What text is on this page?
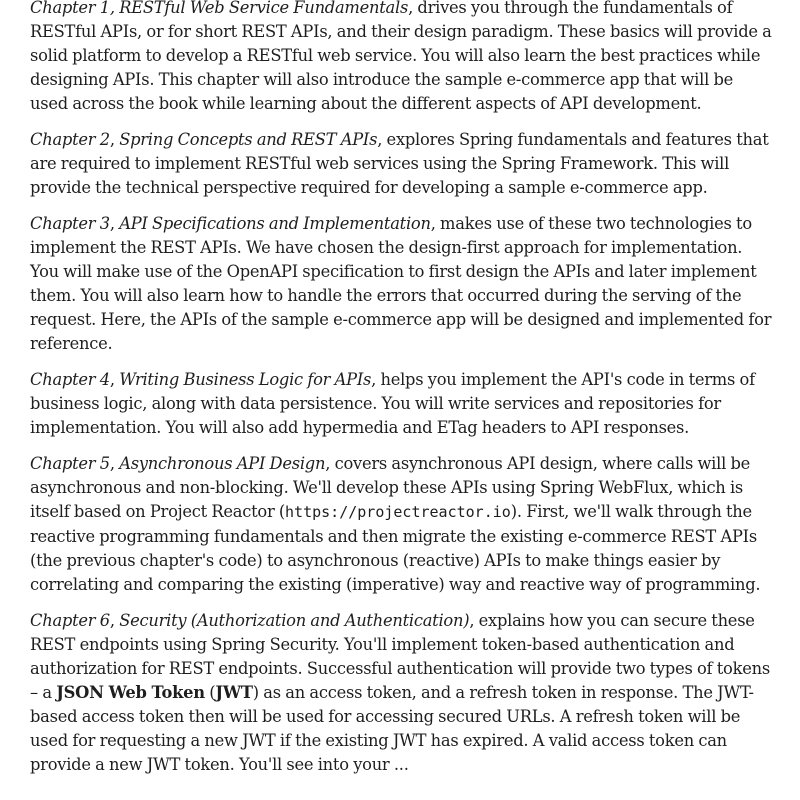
Chapter 1, RESTful Web Service Fundamentals, drives you through the fundamentals of RESTful APIs, or for short REST APIs, and their design paradigm. These basics will provide a solid platform to develop a RESTful web service. You will also learn the best practices while designing APIs. This chapter will also introduce the sample e-commerce app that will be used across the book while learning about the different aspects of API development.

Chapter 2, Spring Concepts and REST APIs, explores Spring fundamentals and features that are required to implement RESTful web services using the Spring Framework. This will provide the technical perspective required for developing a sample e-commerce app.

Chapter 3, API Specifications and Implementation, makes use of these two technologies to implement the REST APIs. We have chosen the design-first approach for implementation. You will make use of the OpenAPI specification to first design the APIs and later implement them. You will also learn how to handle the errors that occurred during the serving of the request. Here, the APIs of the sample e-commerce app will be designed and implemented for reference.

Chapter 4, Writing Business Logic for APIs, helps you implement the API's code in terms of business logic, along with data persistence. You will write services and repositories for implementation. You will also add hypermedia and ETag headers to API responses.

Chapter 5, Asynchronous API Design, covers asynchronous API design, where calls will be asynchronous and non-blocking. We'll develop these APIs using Spring WebFlux, which is itself based on Project Reactor (https://projectreactor.io). First, we'll walk through the reactive programming fundamentals and then migrate the existing e-commerce REST APIs (the previous chapter's code) to asynchronous (reactive) APIs to make things easier by correlating and comparing the existing (imperative) way and reactive way of programming.

Chapter 6, Security (Authorization and Authentication), explains how you can secure these REST endpoints using Spring Security. You'll implement token-based authentication and authorization for REST endpoints. Successful authentication will provide two types of tokens – a JSON Web Token (JWT) as an access token, and a refresh token in response. The JWT-based access token then will be used for accessing secured URLs. A refresh token will be used for requesting a new JWT if the existing JWT has expired. A valid access token can provide a new JWT token. You'll see into your ...
